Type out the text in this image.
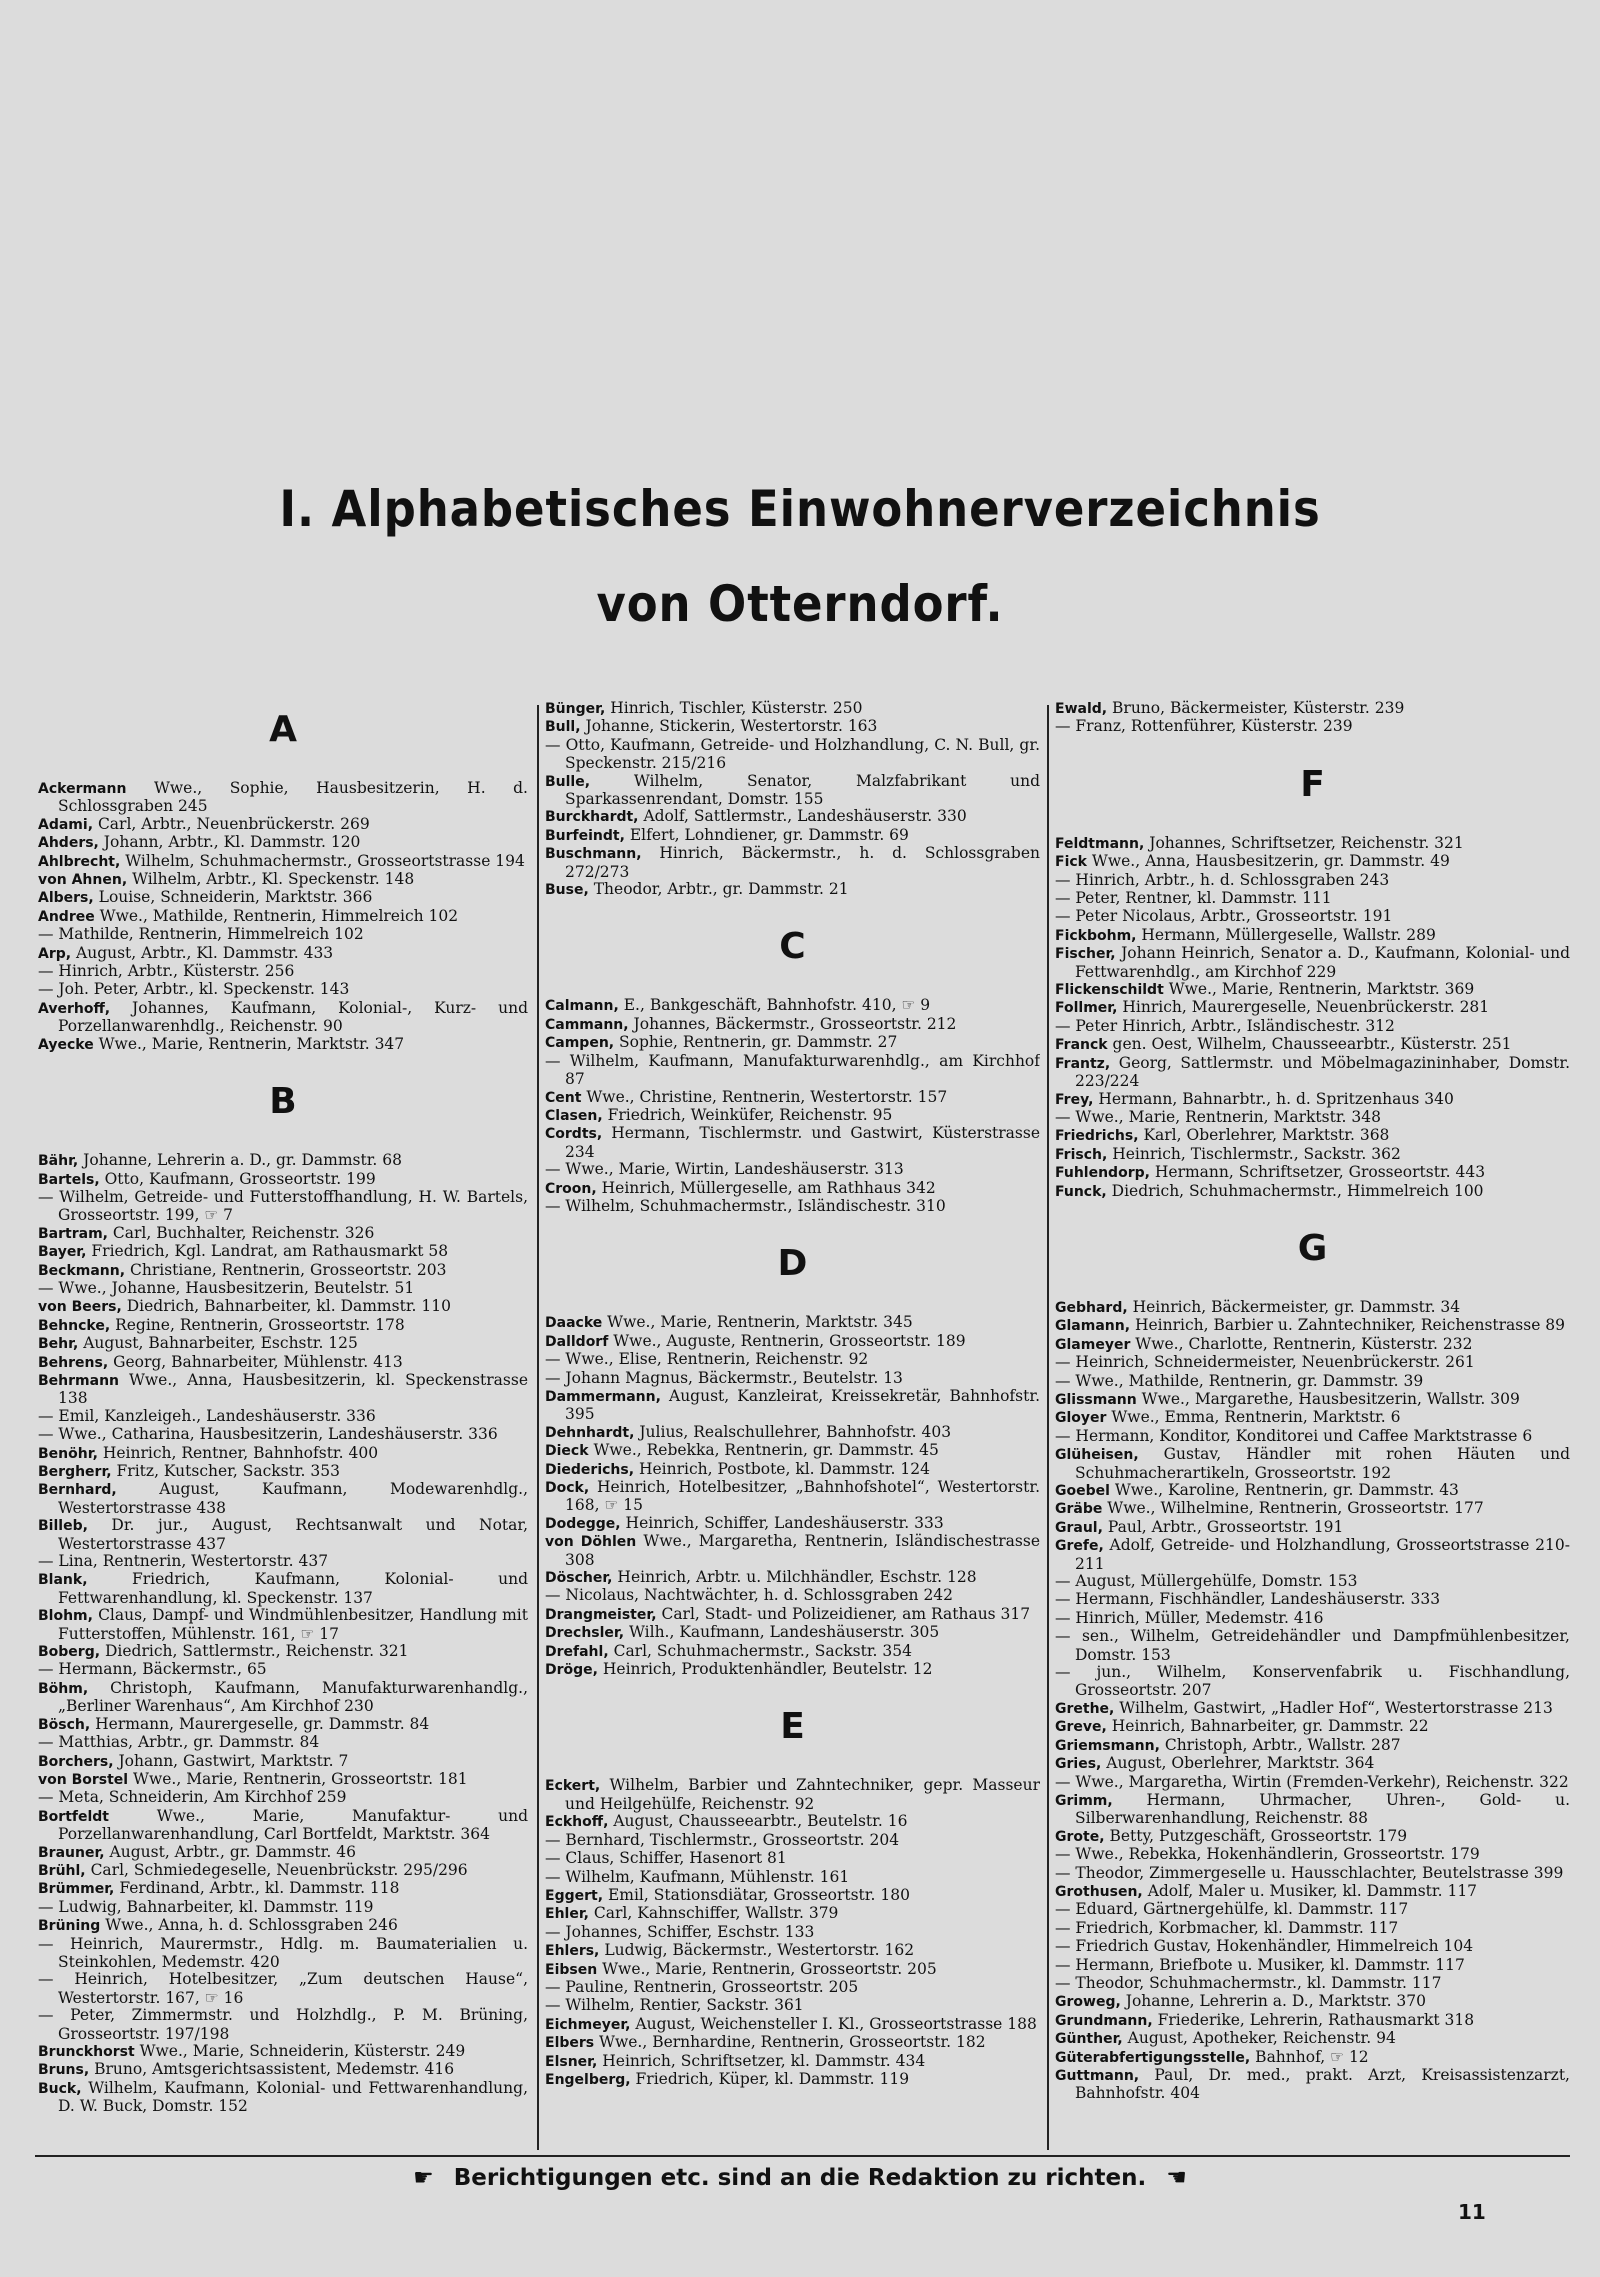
I. Alphabetisches Einwohnerverzeichnis
von Otterndorf.
A

Ackermann Wwe., Sophie, Hausbesitzerin, H. d. Schlossgraben 245

Adami, Carl, Arbtr., Neuenbrückerstr. 269

Ahders, Johann, Arbtr., Kl. Dammstr. 120

Ahlbrecht, Wilhelm, Schuhmachermstr., Grosseortstrasse 194

von Ahnen, Wilhelm, Arbtr., Kl. Speckenstr. 148

Albers, Louise, Schneiderin, Marktstr. 366

Andree Wwe., Mathilde, Rentnerin, Himmelreich 102

— Mathilde, Rentnerin, Himmelreich 102

Arp, August, Arbtr., Kl. Dammstr. 433

— Hinrich, Arbtr., Küsterstr. 256

— Joh. Peter, Arbtr., kl. Speckenstr. 143

Averhoff, Johannes, Kaufmann, Kolonial-, Kurz- und Porzellanwarenhdlg., Reichenstr. 90

Ayecke Wwe., Marie, Rentnerin, Marktstr. 347

B

Bähr, Johanne, Lehrerin a. D., gr. Dammstr. 68

Bartels, Otto, Kaufmann, Grosseortstr. 199

— Wilhelm, Getreide- und Futterstoffhandlung, H. W. Bartels, Grosseortstr. 199, ☞ 7

Bartram, Carl, Buchhalter, Reichenstr. 326

Bayer, Friedrich, Kgl. Landrat, am Rathausmarkt 58

Beckmann, Christiane, Rentnerin, Grosseortstr. 203

— Wwe., Johanne, Hausbesitzerin, Beutelstr. 51

von Beers, Diedrich, Bahnarbeiter, kl. Dammstr. 110

Behncke, Regine, Rentnerin, Grosseortstr. 178

Behr, August, Bahnarbeiter, Eschstr. 125

Behrens, Georg, Bahnarbeiter, Mühlenstr. 413

Behrmann Wwe., Anna, Hausbesitzerin, kl. Speckenstrasse 138

— Emil, Kanzleigeh., Landeshäuserstr. 336

— Wwe., Catharina, Hausbesitzerin, Landeshäuserstr. 336

Benöhr, Heinrich, Rentner, Bahnhofstr. 400

Bergherr, Fritz, Kutscher, Sackstr. 353

Bernhard, August, Kaufmann, Modewarenhdlg., Westertorstrasse 438

Billeb, Dr. jur., August, Rechtsanwalt und Notar, Westertorstrasse 437

— Lina, Rentnerin, Westertorstr. 437

Blank, Friedrich, Kaufmann, Kolonial- und Fettwarenhandlung, kl. Speckenstr. 137

Blohm, Claus, Dampf- und Windmühlenbesitzer, Handlung mit Futterstoffen, Mühlenstr. 161, ☞ 17

Boberg, Diedrich, Sattlermstr., Reichenstr. 321

— Hermann, Bäckermstr., 65

Böhm, Christoph, Kaufmann, Manufakturwarenhandlg., „Berliner Warenhaus“, Am Kirchhof 230

Bösch, Hermann, Maurergeselle, gr. Dammstr. 84

— Matthias, Arbtr., gr. Dammstr. 84

Borchers, Johann, Gastwirt, Marktstr. 7

von Borstel Wwe., Marie, Rentnerin, Grosseortstr. 181

— Meta, Schneiderin, Am Kirchhof 259

Bortfeldt Wwe., Marie, Manufaktur- und Porzellanwarenhandlung, Carl Bortfeldt, Marktstr. 364

Brauner, August, Arbtr., gr. Dammstr. 46

Brühl, Carl, Schmiedegeselle, Neuenbrückstr. 295/296

Brümmer, Ferdinand, Arbtr., kl. Dammstr. 118

— Ludwig, Bahnarbeiter, kl. Dammstr. 119

Brüning Wwe., Anna, h. d. Schlossgraben 246

— Heinrich, Maurermstr., Hdlg. m. Baumaterialien u. Steinkohlen, Medemstr. 420

— Heinrich, Hotelbesitzer, „Zum deutschen Hause“, Westertorstr. 167, ☞ 16

— Peter, Zimmermstr. und Holzhdlg., P. M. Brüning, Grosseortstr. 197/198

Brunckhorst Wwe., Marie, Schneiderin, Küsterstr. 249

Bruns, Bruno, Amtsgerichtsassistent, Medemstr. 416

Buck, Wilhelm, Kaufmann, Kolonial- und Fettwarenhandlung, D. W. Buck, Domstr. 152

Bünger, Hinrich, Tischler, Küsterstr. 250

Bull, Johanne, Stickerin, Westertorstr. 163

— Otto, Kaufmann, Getreide- und Holzhandlung, C. N. Bull, gr. Speckenstr. 215/216

Bulle, Wilhelm, Senator, Malzfabrikant und Sparkassenrendant, Domstr. 155

Burckhardt, Adolf, Sattlermstr., Landeshäuserstr. 330

Burfeindt, Elfert, Lohndiener, gr. Dammstr. 69

Buschmann, Hinrich, Bäckermstr., h. d. Schlossgraben 272/273

Buse, Theodor, Arbtr., gr. Dammstr. 21

C

Calmann, E., Bankgeschäft, Bahnhofstr. 410, ☞ 9

Cammann, Johannes, Bäckermstr., Grosseortstr. 212

Campen, Sophie, Rentnerin, gr. Dammstr. 27

— Wilhelm, Kaufmann, Manufakturwarenhdlg., am Kirchhof 87

Cent Wwe., Christine, Rentnerin, Westertorstr. 157

Clasen, Friedrich, Weinküfer, Reichenstr. 95

Cordts, Hermann, Tischlermstr. und Gastwirt, Küsterstrasse 234

— Wwe., Marie, Wirtin, Landeshäuserstr. 313

Croon, Heinrich, Müllergeselle, am Rathhaus 342

— Wilhelm, Schuhmachermstr., Isländischestr. 310

D

Daacke Wwe., Marie, Rentnerin, Marktstr. 345

Dalldorf Wwe., Auguste, Rentnerin, Grosseortstr. 189

— Wwe., Elise, Rentnerin, Reichenstr. 92

— Johann Magnus, Bäckermstr., Beutelstr. 13

Dammermann, August, Kanzleirat, Kreissekretär, Bahnhofstr. 395

Dehnhardt, Julius, Realschullehrer, Bahnhofstr. 403

Dieck Wwe., Rebekka, Rentnerin, gr. Dammstr. 45

Diederichs, Heinrich, Postbote, kl. Dammstr. 124

Dock, Heinrich, Hotelbesitzer, „Bahnhofshotel“, Westertorstr. 168, ☞ 15

Dodegge, Heinrich, Schiffer, Landeshäuserstr. 333

von Döhlen Wwe., Margaretha, Rentnerin, Isländischestrasse 308

Döscher, Heinrich, Arbtr. u. Milchhändler, Eschstr. 128

— Nicolaus, Nachtwächter, h. d. Schlossgraben 242

Drangmeister, Carl, Stadt- und Polizeidiener, am Rathaus 317

Drechsler, Wilh., Kaufmann, Landeshäuserstr. 305

Drefahl, Carl, Schuhmachermstr., Sackstr. 354

Dröge, Heinrich, Produktenhändler, Beutelstr. 12

E

Eckert, Wilhelm, Barbier und Zahntechniker, gepr. Masseur und Heilgehülfe, Reichenstr. 92

Eckhoff, August, Chausseearbtr., Beutelstr. 16

— Bernhard, Tischlermstr., Grosseortstr. 204

— Claus, Schiffer, Hasenort 81

— Wilhelm, Kaufmann, Mühlenstr. 161

Eggert, Emil, Stationsdiätar, Grosseortstr. 180

Ehler, Carl, Kahnschiffer, Wallstr. 379

— Johannes, Schiffer, Eschstr. 133

Ehlers, Ludwig, Bäckermstr., Westertorstr. 162

Eibsen Wwe., Marie, Rentnerin, Grosseortstr. 205

— Pauline, Rentnerin, Grosseortstr. 205

— Wilhelm, Rentier, Sackstr. 361

Eichmeyer, August, Weichensteller I. Kl., Grosseortstrasse 188

Elbers Wwe., Bernhardine, Rentnerin, Grosseortstr. 182

Elsner, Heinrich, Schriftsetzer, kl. Dammstr. 434

Engelberg, Friedrich, Küper, kl. Dammstr. 119

Ewald, Bruno, Bäckermeister, Küsterstr. 239

— Franz, Rottenführer, Küsterstr. 239

F

Feldtmann, Johannes, Schriftsetzer, Reichenstr. 321

Fick Wwe., Anna, Hausbesitzerin, gr. Dammstr. 49

— Hinrich, Arbtr., h. d. Schlossgraben 243

— Peter, Rentner, kl. Dammstr. 111

— Peter Nicolaus, Arbtr., Grosseortstr. 191

Fickbohm, Hermann, Müllergeselle, Wallstr. 289

Fischer, Johann Heinrich, Senator a. D., Kaufmann, Kolonial- und Fettwarenhdlg., am Kirchhof 229

Flickenschildt Wwe., Marie, Rentnerin, Marktstr. 369

Follmer, Hinrich, Maurergeselle, Neuenbrückerstr. 281

— Peter Hinrich, Arbtr., Isländischestr. 312

Franck gen. Oest, Wilhelm, Chausseearbtr., Küsterstr. 251

Frantz, Georg, Sattlermstr. und Möbelmagazininhaber, Domstr. 223/224

Frey, Hermann, Bahnarbtr., h. d. Spritzenhaus 340

— Wwe., Marie, Rentnerin, Marktstr. 348

Friedrichs, Karl, Oberlehrer, Marktstr. 368

Frisch, Heinrich, Tischlermstr., Sackstr. 362

Fuhlendorp, Hermann, Schriftsetzer, Grosseortstr. 443

Funck, Diedrich, Schuhmachermstr., Himmelreich 100

G

Gebhard, Heinrich, Bäckermeister, gr. Dammstr. 34

Glamann, Heinrich, Barbier u. Zahntechniker, Reichenstrasse 89

Glameyer Wwe., Charlotte, Rentnerin, Küsterstr. 232

— Heinrich, Schneidermeister, Neuenbrückerstr. 261

— Wwe., Mathilde, Rentnerin, gr. Dammstr. 39

Glissmann Wwe., Margarethe, Hausbesitzerin, Wallstr. 309

Gloyer Wwe., Emma, Rentnerin, Marktstr. 6

— Hermann, Konditor, Konditorei und Caffee Marktstrasse 6

Glüheisen, Gustav, Händler mit rohen Häuten und Schuhmacherartikeln, Grosseortstr. 192

Goebel Wwe., Karoline, Rentnerin, gr. Dammstr. 43

Gräbe Wwe., Wilhelmine, Rentnerin, Grosseortstr. 177

Graul, Paul, Arbtr., Grosseortstr. 191

Grefe, Adolf, Getreide- und Holzhandlung, Grosseortstrasse 210-211

— August, Müllergehülfe, Domstr. 153

— Hermann, Fischhändler, Landeshäuserstr. 333

— Hinrich, Müller, Medemstr. 416

— sen., Wilhelm, Getreidehändler und Dampfmühlenbesitzer, Domstr. 153

— jun., Wilhelm, Konservenfabrik u. Fischhandlung, Grosseortstr. 207

Grethe, Wilhelm, Gastwirt, „Hadler Hof“, Westertorstrasse 213

Greve, Heinrich, Bahnarbeiter, gr. Dammstr. 22

Griemsmann, Christoph, Arbtr., Wallstr. 287

Gries, August, Oberlehrer, Marktstr. 364

— Wwe., Margaretha, Wirtin (Fremden-Verkehr), Reichenstr. 322

Grimm, Hermann, Uhrmacher, Uhren-, Gold- u. Silberwarenhandlung, Reichenstr. 88

Grote, Betty, Putzgeschäft, Grosseortstr. 179

— Wwe., Rebekka, Hokenhändlerin, Grosseortstr. 179

— Theodor, Zimmergeselle u. Hausschlachter, Beutelstrasse 399

Grothusen, Adolf, Maler u. Musiker, kl. Dammstr. 117

— Eduard, Gärtnergehülfe, kl. Dammstr. 117

— Friedrich, Korbmacher, kl. Dammstr. 117

— Friedrich Gustav, Hokenhändler, Himmelreich 104

— Hermann, Briefbote u. Musiker, kl. Dammstr. 117

— Theodor, Schuhmachermstr., kl. Dammstr. 117

Groweg, Johanne, Lehrerin a. D., Marktstr. 370

Grundmann, Friederike, Lehrerin, Rathausmarkt 318

Günther, August, Apotheker, Reichenstr. 94

Güterabfertigungsstelle, Bahnhof, ☞ 12

Guttmann, Paul, Dr. med., prakt. Arzt, Kreisassistenzarzt, Bahnhofstr. 404

☛ Berichtigungen etc. sind an die Redaktion zu richten. ☚
11
